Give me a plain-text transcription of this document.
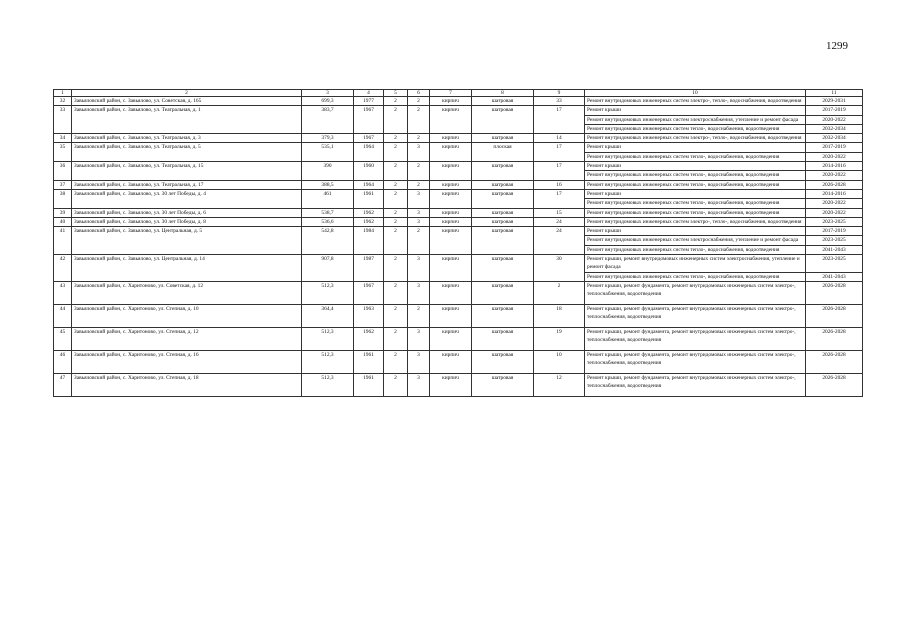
1299
1	2	3	4	5	6	7	8	9	10	11
32	Завьяловский район, с. Завьялово, ул. Советская, д. 165	699,3	1977	2	2	кирпич	шатровая	33	Ремонт внутридомовых инженерных систем электро-, тепло-, водоснабжения, водоотведения	2029-2031
33	Завьяловский район, с. Завьялово, ул. Театральная, д. 1	383,7	1967	2	2	кирпич	шатровая	17	Ремонт крыши	2017-2019
									Ремонт внутридомовых инженерных систем электроснабжения, утепление и ремонт фасада	2020-2022
									Ремонт внутридомовых инженерных систем тепло-, водоснабжения, водоотведения	2032-2034
34	Завьяловский район, с. Завьялово, ул. Театральная, д. 3	379,3	1967	2	2	кирпич	шатровая	14	Ремонт внутридомовых инженерных систем электро-, тепло-, водоснабжения, водоотведения	2032-2034
35	Завьяловский район, с. Завьялово, ул. Театральная, д. 5	535,1	1964	2	3	кирпич	плоская	17	Ремонт крыши	2017-2019
									Ремонт внутридомовых инженерных систем тепло-, водоснабжения, водоотведения	2020-2022
36	Завьяловский район, с. Завьялово, ул. Театральная, д. 15	390	1960	2	2	кирпич	шатровая	17	Ремонт крыши	2014-2016
									Ремонт внутридомовых инженерных систем тепло-, водоснабжения, водоотведения	2020-2022
37	Завьяловский район, с. Завьялово, ул. Театральная, д. 17	388,5	1964	2	2	кирпич	шатровая	16	Ремонт внутридомовых инженерных систем тепло-, водоснабжения, водоотведения	2026-2028
38	Завьяловский район, с. Завьялово, ул. 30 лет Победы, д. 4	461	1961	2	3	кирпич	шатровая	17	Ремонт крыши	2014-2016
									Ремонт внутридомовых инженерных систем тепло-, водоснабжения, водоотведения	2020-2022
39	Завьяловский район, с. Завьялово, ул. 30 лет Победы, д. 6	538,7	1962	2	3	кирпич	шатровая	15	Ремонт внутридомовых инженерных систем тепло-, водоснабжения, водоотведения	2020-2022
40	Завьяловский район, с. Завьялово, ул. 30 лет Победы, д. 8	536,6	1962	2	3	кирпич	шатровая	24	Ремонт внутридомовых инженерных систем электро-, тепло-, водоснабжения, водоотведения	2023-2025
41	Завьяловский район, с. Завьялово, ул. Центральная, д. 5	542,8	1984	2	2	кирпич	шатровая	24	Ремонт крыши	2017-2019
									Ремонт внутридомовых инженерных систем электроснабжения, утепление и ремонт фасада	2023-2025
									Ремонт внутридомовых инженерных систем тепло-, водоснабжения, водоотведения	2041-2043
42	Завьяловский район, с. Завьялово, ул. Центральная, д. 14	907,8	1987	2	3	кирпич	шатровая	30	Ремонт крыши, ремонт внутридомовых инженерных систем электроснабжения, утепление и ремонт фасада	2023-2025
									Ремонт внутридомовых инженерных систем тепло-, водоснабжения, водоотведения	2041-2043
43	Завьяловский район, с. Харитоново, ул. Советская, д. 12	512,3	1967	2	3	кирпич	шатровая	2	Ремонт крыши, ремонт фундамента, ремонт внутридомовых инженерных систем электро-, теплоснабжения, водоотведения	2026-2028
44	Завьяловский район, с. Харитоново, ул. Степная, д. 10	364,4	1963	2	2	кирпич	шатровая	18	Ремонт крыши, ремонт фундамента, ремонт внутридомовых инженерных систем электро-, теплоснабжения, водоотведения	2026-2028
45	Завьяловский район, с. Харитоново, ул. Степная, д. 12	512,3	1962	2	3	кирпич	шатровая	19	Ремонт крыши, ремонт фундамента, ремонт внутридомовых инженерных систем электро-, теплоснабжения, водоотведения	2026-2028
46	Завьяловский район, с. Харитоново, ул. Степная, д. 16	512,3	1961	2	3	кирпич	шатровая	10	Ремонт крыши, ремонт фундамента, ремонт внутридомовых инженерных систем электро-, теплоснабжения, водоотведения	2026-2028
47	Завьяловский район, с. Харитоново, ул. Степная, д. 18	512,3	1961	2	3	кирпич	шатровая	12	Ремонт крыши, ремонт фундамента, ремонт внутридомовых инженерных систем электро-, теплоснабжения, водоотведения	2026-2028
